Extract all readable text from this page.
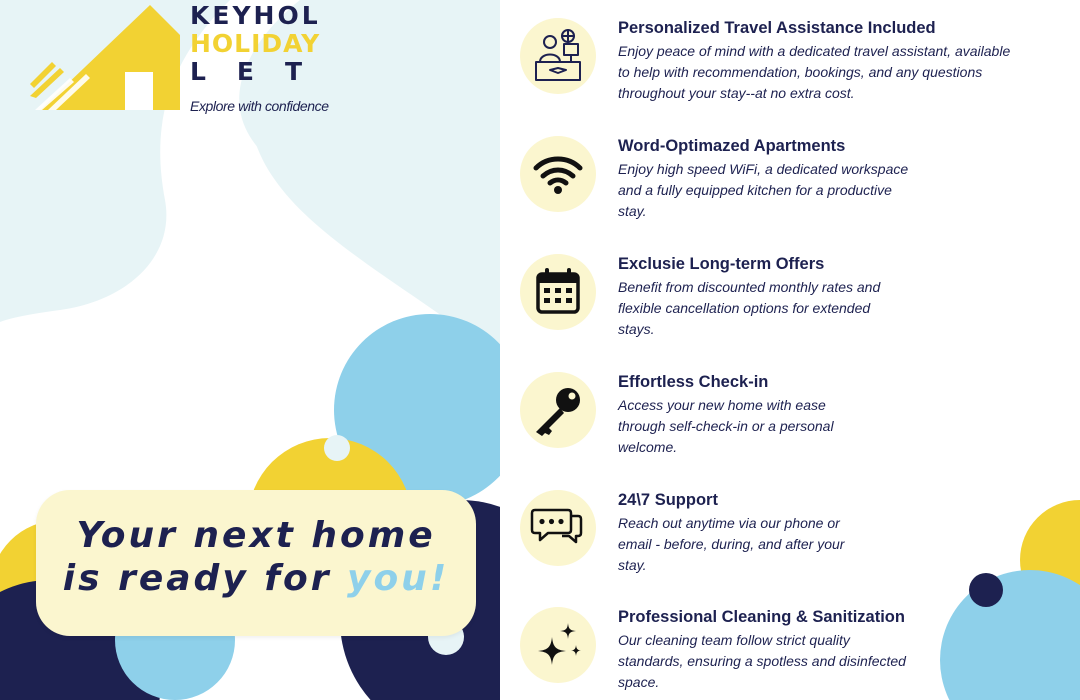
KEYHOL
HOLIDAY
LET
Explore with confidence
Your next home
is ready for you!
Personalized Travel Assistance Included
Enjoy peace of mind with a dedicated travel assistant, available
to help with recommendation, bookings, and any questions
throughout your stay--at no extra cost.
Word-Optimazed Apartments
Enjoy high speed WiFi, a dedicated workspace
and a fully equipped kitchen for a productive
stay.
Exclusie Long-term Offers
Benefit from discounted monthly rates and
flexible cancellation options for extended
stays.
Effortless Check-in
Access your new home with ease
through self-check-in or a personal
welcome.
24\7 Support
Reach out anytime via our phone or
email - before, during, and after your
stay.
Professional Cleaning & Sanitization
Our cleaning team follow strict quality
standards, ensuring a spotless and disinfected
space.
